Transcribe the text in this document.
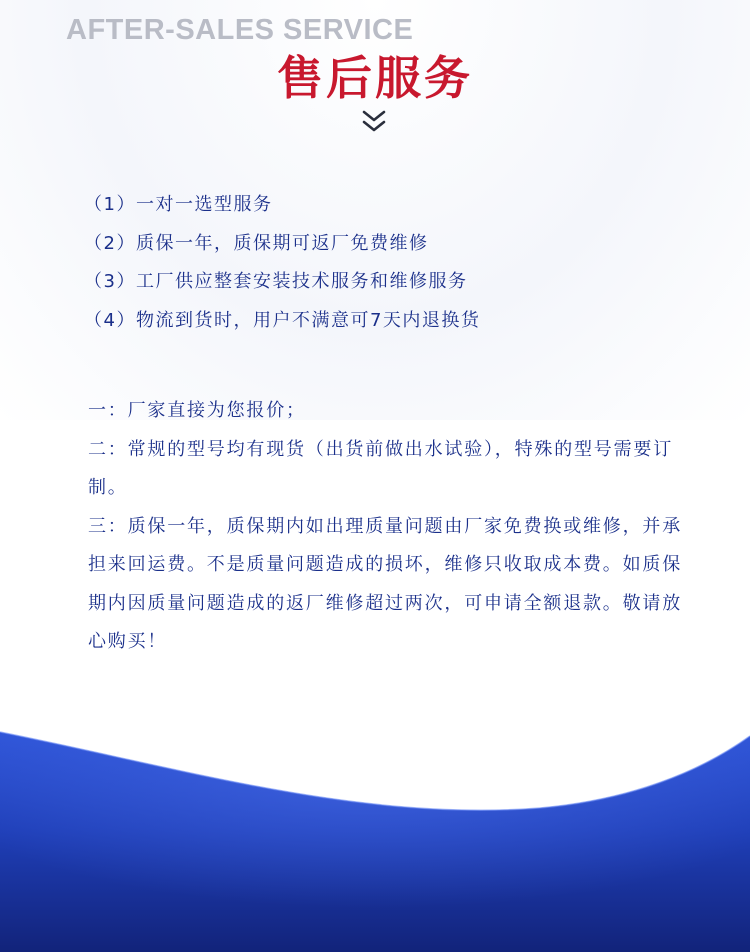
AFTER-SALES SERVICE
售后服务
（1）一对一选型服务
（2）质保一年，质保期可返厂免费维修
（3）工厂供应整套安装技术服务和维修服务
（4）物流到货时，用户不满意可7天内退换货

一：厂家直接为您报价；

二：常规的型号均有现货（出货前做出水试验），特殊的型号需要订制。

三：质保一年，质保期内如出理质量问题由厂家免费换或维修，并承担来回运费。不是质量问题造成的损坏，维修只收取成本费。如质保期内因质量问题造成的返厂维修超过两次，可申请全额退款。敬请放心购买！
